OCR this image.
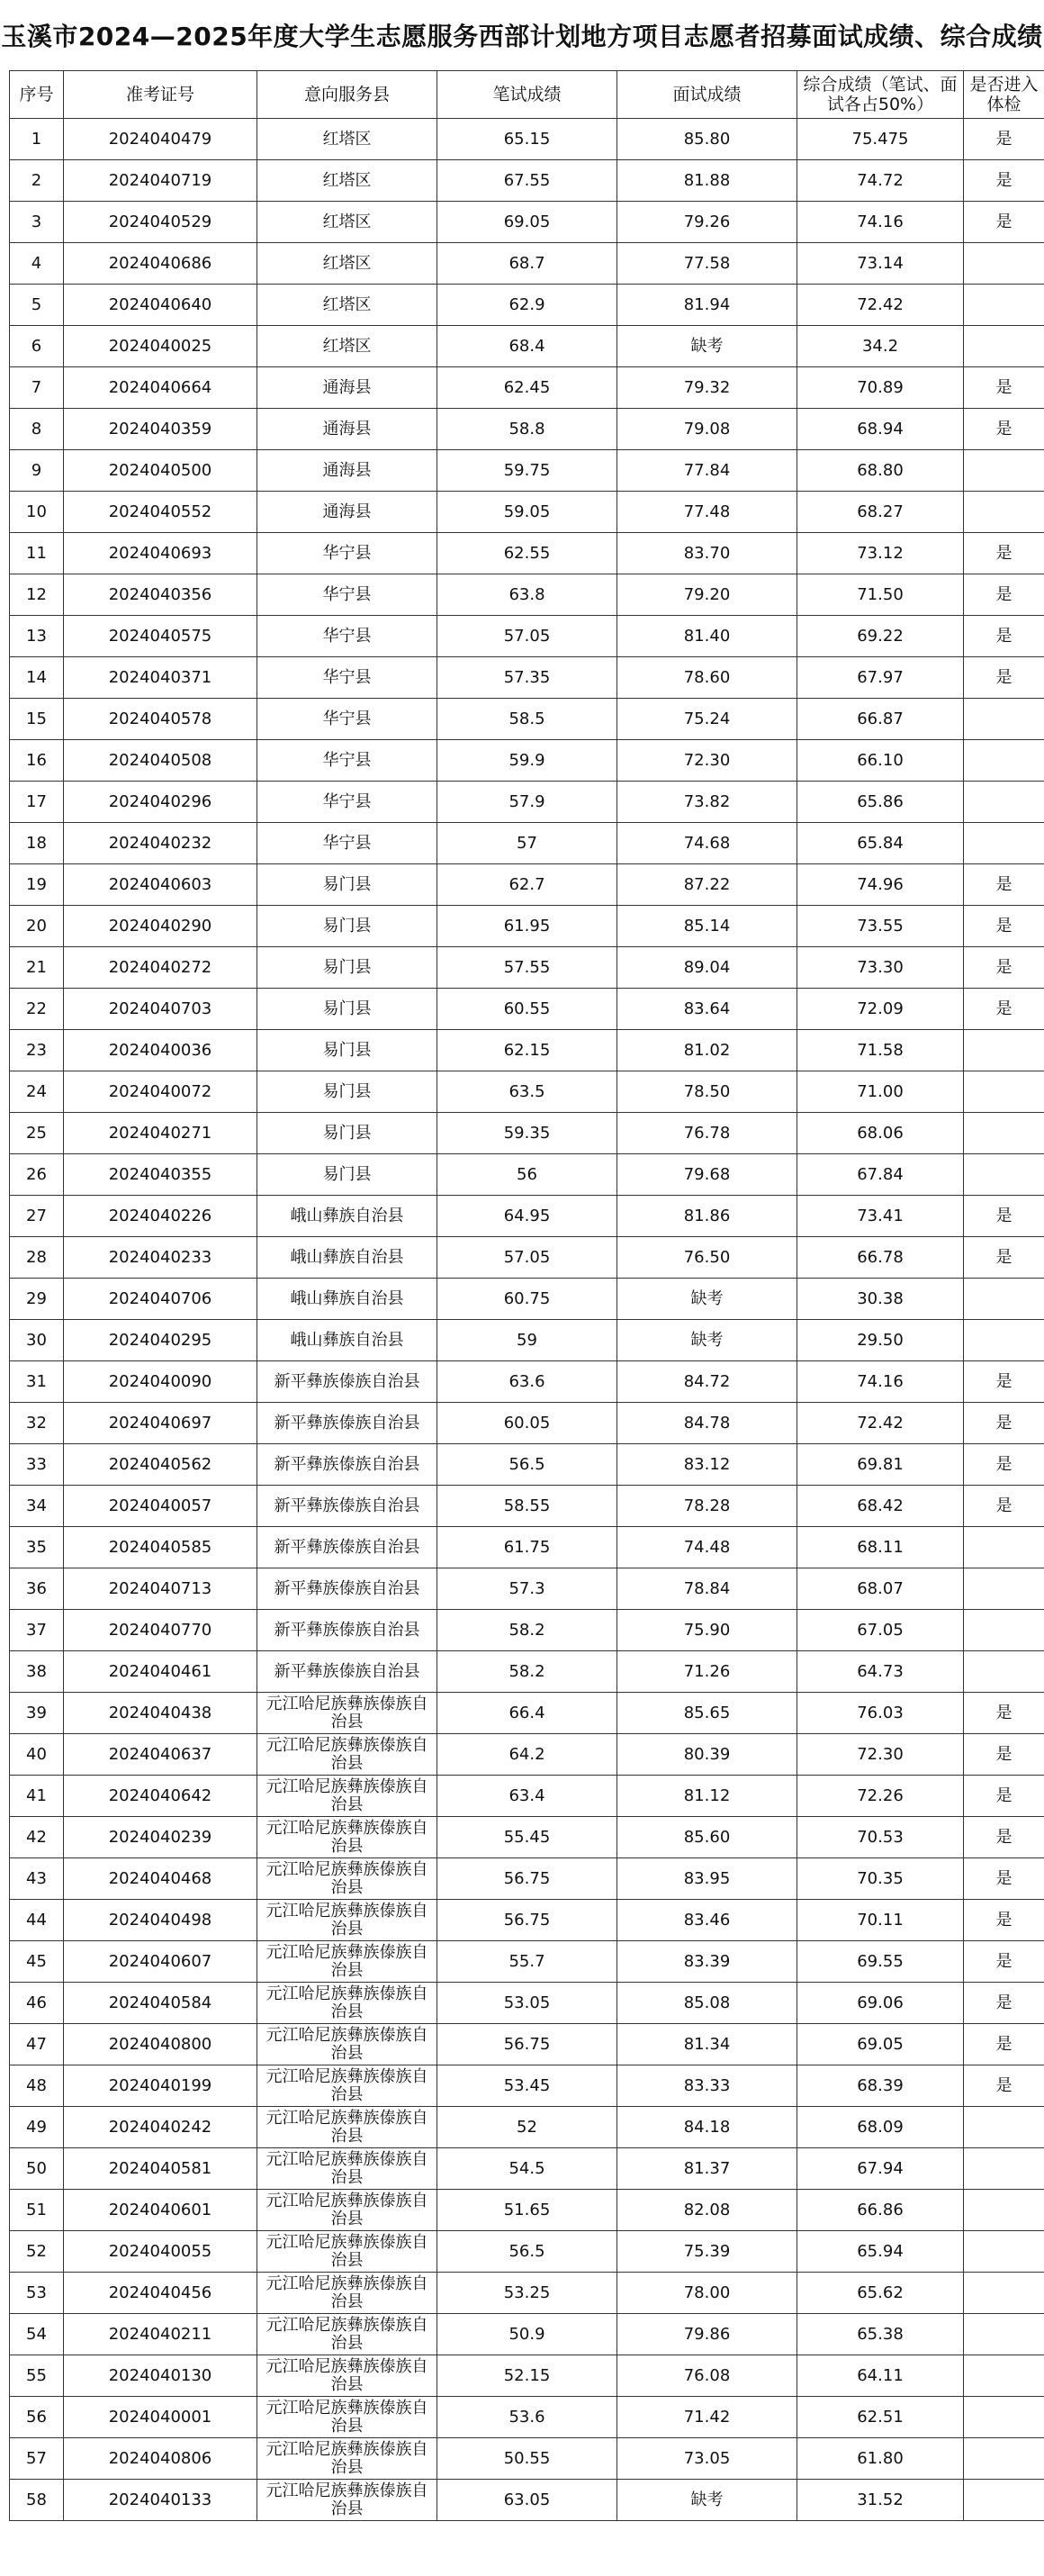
玉溪市2024—2025年度大学生志愿服务西部计划地方项目志愿者招募面试成绩、综合成绩
序号	准考证号	意向服务县	笔试成绩	面试成绩	综合成绩（笔试、面试各占50%）	是否进入体检
1	2024040479	红塔区	65.15	85.80	75.475	是
2	2024040719	红塔区	67.55	81.88	74.72	是
3	2024040529	红塔区	69.05	79.26	74.16	是
4	2024040686	红塔区	68.7	77.58	73.14	
5	2024040640	红塔区	62.9	81.94	72.42	
6	2024040025	红塔区	68.4	缺考	34.2	
7	2024040664	通海县	62.45	79.32	70.89	是
8	2024040359	通海县	58.8	79.08	68.94	是
9	2024040500	通海县	59.75	77.84	68.80	
10	2024040552	通海县	59.05	77.48	68.27	
11	2024040693	华宁县	62.55	83.70	73.12	是
12	2024040356	华宁县	63.8	79.20	71.50	是
13	2024040575	华宁县	57.05	81.40	69.22	是
14	2024040371	华宁县	57.35	78.60	67.97	是
15	2024040578	华宁县	58.5	75.24	66.87	
16	2024040508	华宁县	59.9	72.30	66.10	
17	2024040296	华宁县	57.9	73.82	65.86	
18	2024040232	华宁县	57	74.68	65.84	
19	2024040603	易门县	62.7	87.22	74.96	是
20	2024040290	易门县	61.95	85.14	73.55	是
21	2024040272	易门县	57.55	89.04	73.30	是
22	2024040703	易门县	60.55	83.64	72.09	是
23	2024040036	易门县	62.15	81.02	71.58	
24	2024040072	易门县	63.5	78.50	71.00	
25	2024040271	易门县	59.35	76.78	68.06	
26	2024040355	易门县	56	79.68	67.84	
27	2024040226	峨山彝族自治县	64.95	81.86	73.41	是
28	2024040233	峨山彝族自治县	57.05	76.50	66.78	是
29	2024040706	峨山彝族自治县	60.75	缺考	30.38	
30	2024040295	峨山彝族自治县	59	缺考	29.50	
31	2024040090	新平彝族傣族自治县	63.6	84.72	74.16	是
32	2024040697	新平彝族傣族自治县	60.05	84.78	72.42	是
33	2024040562	新平彝族傣族自治县	56.5	83.12	69.81	是
34	2024040057	新平彝族傣族自治县	58.55	78.28	68.42	是
35	2024040585	新平彝族傣族自治县	61.75	74.48	68.11	
36	2024040713	新平彝族傣族自治县	57.3	78.84	68.07	
37	2024040770	新平彝族傣族自治县	58.2	75.90	67.05	
38	2024040461	新平彝族傣族自治县	58.2	71.26	64.73	
39	2024040438	元江哈尼族彝族傣族自治县	66.4	85.65	76.03	是
40	2024040637	元江哈尼族彝族傣族自治县	64.2	80.39	72.30	是
41	2024040642	元江哈尼族彝族傣族自治县	63.4	81.12	72.26	是
42	2024040239	元江哈尼族彝族傣族自治县	55.45	85.60	70.53	是
43	2024040468	元江哈尼族彝族傣族自治县	56.75	83.95	70.35	是
44	2024040498	元江哈尼族彝族傣族自治县	56.75	83.46	70.11	是
45	2024040607	元江哈尼族彝族傣族自治县	55.7	83.39	69.55	是
46	2024040584	元江哈尼族彝族傣族自治县	53.05	85.08	69.06	是
47	2024040800	元江哈尼族彝族傣族自治县	56.75	81.34	69.05	是
48	2024040199	元江哈尼族彝族傣族自治县	53.45	83.33	68.39	是
49	2024040242	元江哈尼族彝族傣族自治县	52	84.18	68.09	
50	2024040581	元江哈尼族彝族傣族自治县	54.5	81.37	67.94	
51	2024040601	元江哈尼族彝族傣族自治县	51.65	82.08	66.86	
52	2024040055	元江哈尼族彝族傣族自治县	56.5	75.39	65.94	
53	2024040456	元江哈尼族彝族傣族自治县	53.25	78.00	65.62	
54	2024040211	元江哈尼族彝族傣族自治县	50.9	79.86	65.38	
55	2024040130	元江哈尼族彝族傣族自治县	52.15	76.08	64.11	
56	2024040001	元江哈尼族彝族傣族自治县	53.6	71.42	62.51	
57	2024040806	元江哈尼族彝族傣族自治县	50.55	73.05	61.80	
58	2024040133	元江哈尼族彝族傣族自治县	63.05	缺考	31.52	
